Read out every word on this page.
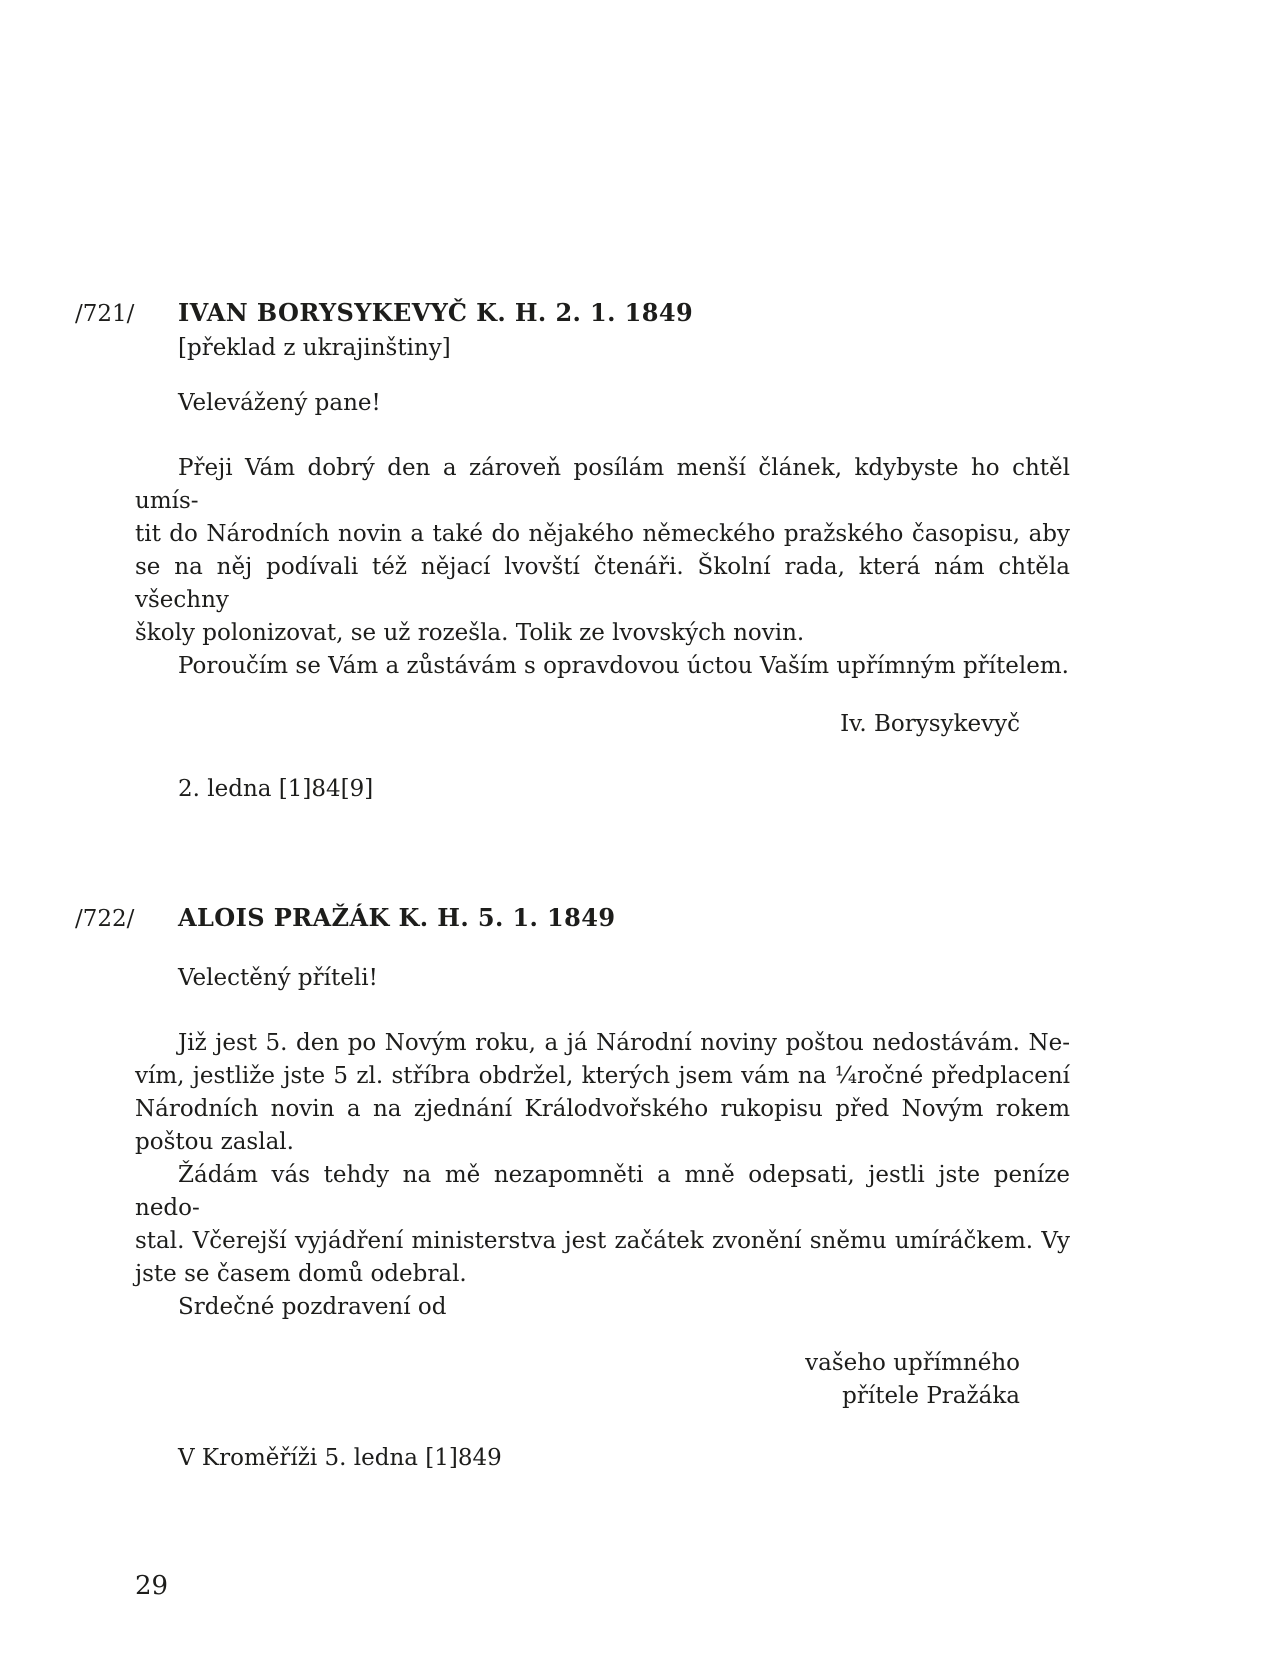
/721/	IVAN BORYSYKEVYČ K. H. 2. 1. 1849
[překlad z ukrajinštiny]
Velevážený pane!
Přeji Vám dobrý den a zároveň posílám menší článek, kdybyste ho chtěl umís-
tit do Národních novin a také do nějakého německého pražského časopisu, aby
se na něj podívali též nějací lvovští čtenáři. Školní rada, která nám chtěla všechny
školy polonizovat, se už rozešla. Tolik ze lvovských novin.
Poroučím se Vám a zůstávám s opravdovou úctou Vaším upřímným přítelem.
Iv. Borysykevyč
2. ledna [1]84[9]
/722/	ALOIS PRAŽÁK K. H. 5. 1. 1849
Velectěný příteli!
Již jest 5. den po Novým roku, a já Národní noviny poštou nedostávám. Ne-
vím, jestliže jste 5 zl. stříbra obdržel, kterých jsem vám na ¼ročné předplacení
Národních novin a na zjednání Králodvořského rukopisu před Novým rokem
poštou zaslal.
Žádám vás tehdy na mě nezapomněti a mně odepsati, jestli jste peníze nedo-
stal. Včerejší vyjádření ministerstva jest začátek zvonění sněmu umíráčkem. Vy
jste se časem domů odebral.
Srdečné pozdravení od
vašeho upřímného
přítele Pražáka
V Kroměříži 5. ledna [1]849
29
